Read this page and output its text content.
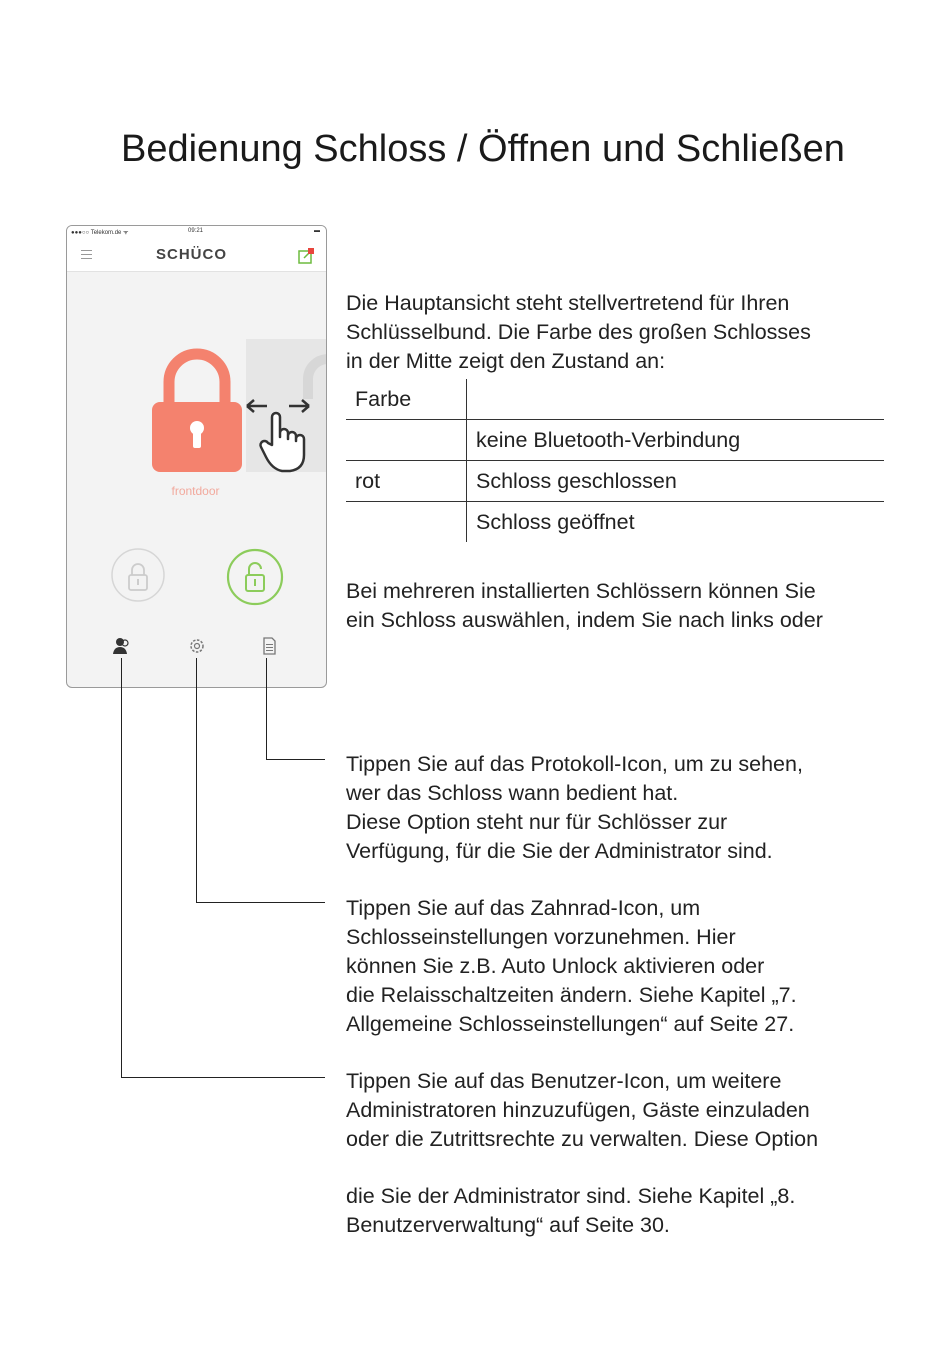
Bedienung Schloss / Öffnen und Schließen
●●●○○ Telekom.de ᯤ	09:21	▬
SCHÜCO
frontdoor

Die Hauptansicht steht stellvertretend für Ihren
Schlüsselbund. Die Farbe des großen Schlosses
in der Mitte zeigt den Zustand an:

Farbe	
	keine Bluetooth-Verbindung
rot	Schloss geschlossen
	Schloss geöffnet

Bei mehreren installierten Schlössern können Sie
ein Schloss auswählen, indem Sie nach links oder

Tippen Sie auf das Protokoll-Icon, um zu sehen,
wer das Schloss wann bedient hat.
Diese Option steht nur für Schlösser zur
Verfügung, für die Sie der Administrator sind.

Tippen Sie auf das Zahnrad-Icon, um
Schlosseinstellungen vorzunehmen. Hier
können Sie z.B. Auto Unlock aktivieren oder
die Relaisschaltzeiten ändern. Siehe Kapitel „7.
Allgemeine Schlosseinstellungen“ auf Seite 27.

Tippen Sie auf das Benutzer-Icon, um weitere
Administratoren hinzuzufügen, Gäste einzuladen
oder die Zutrittsrechte zu verwalten. Diese Option

die Sie der Administrator sind. Siehe Kapitel „8.
Benutzerverwaltung“ auf Seite 30.
